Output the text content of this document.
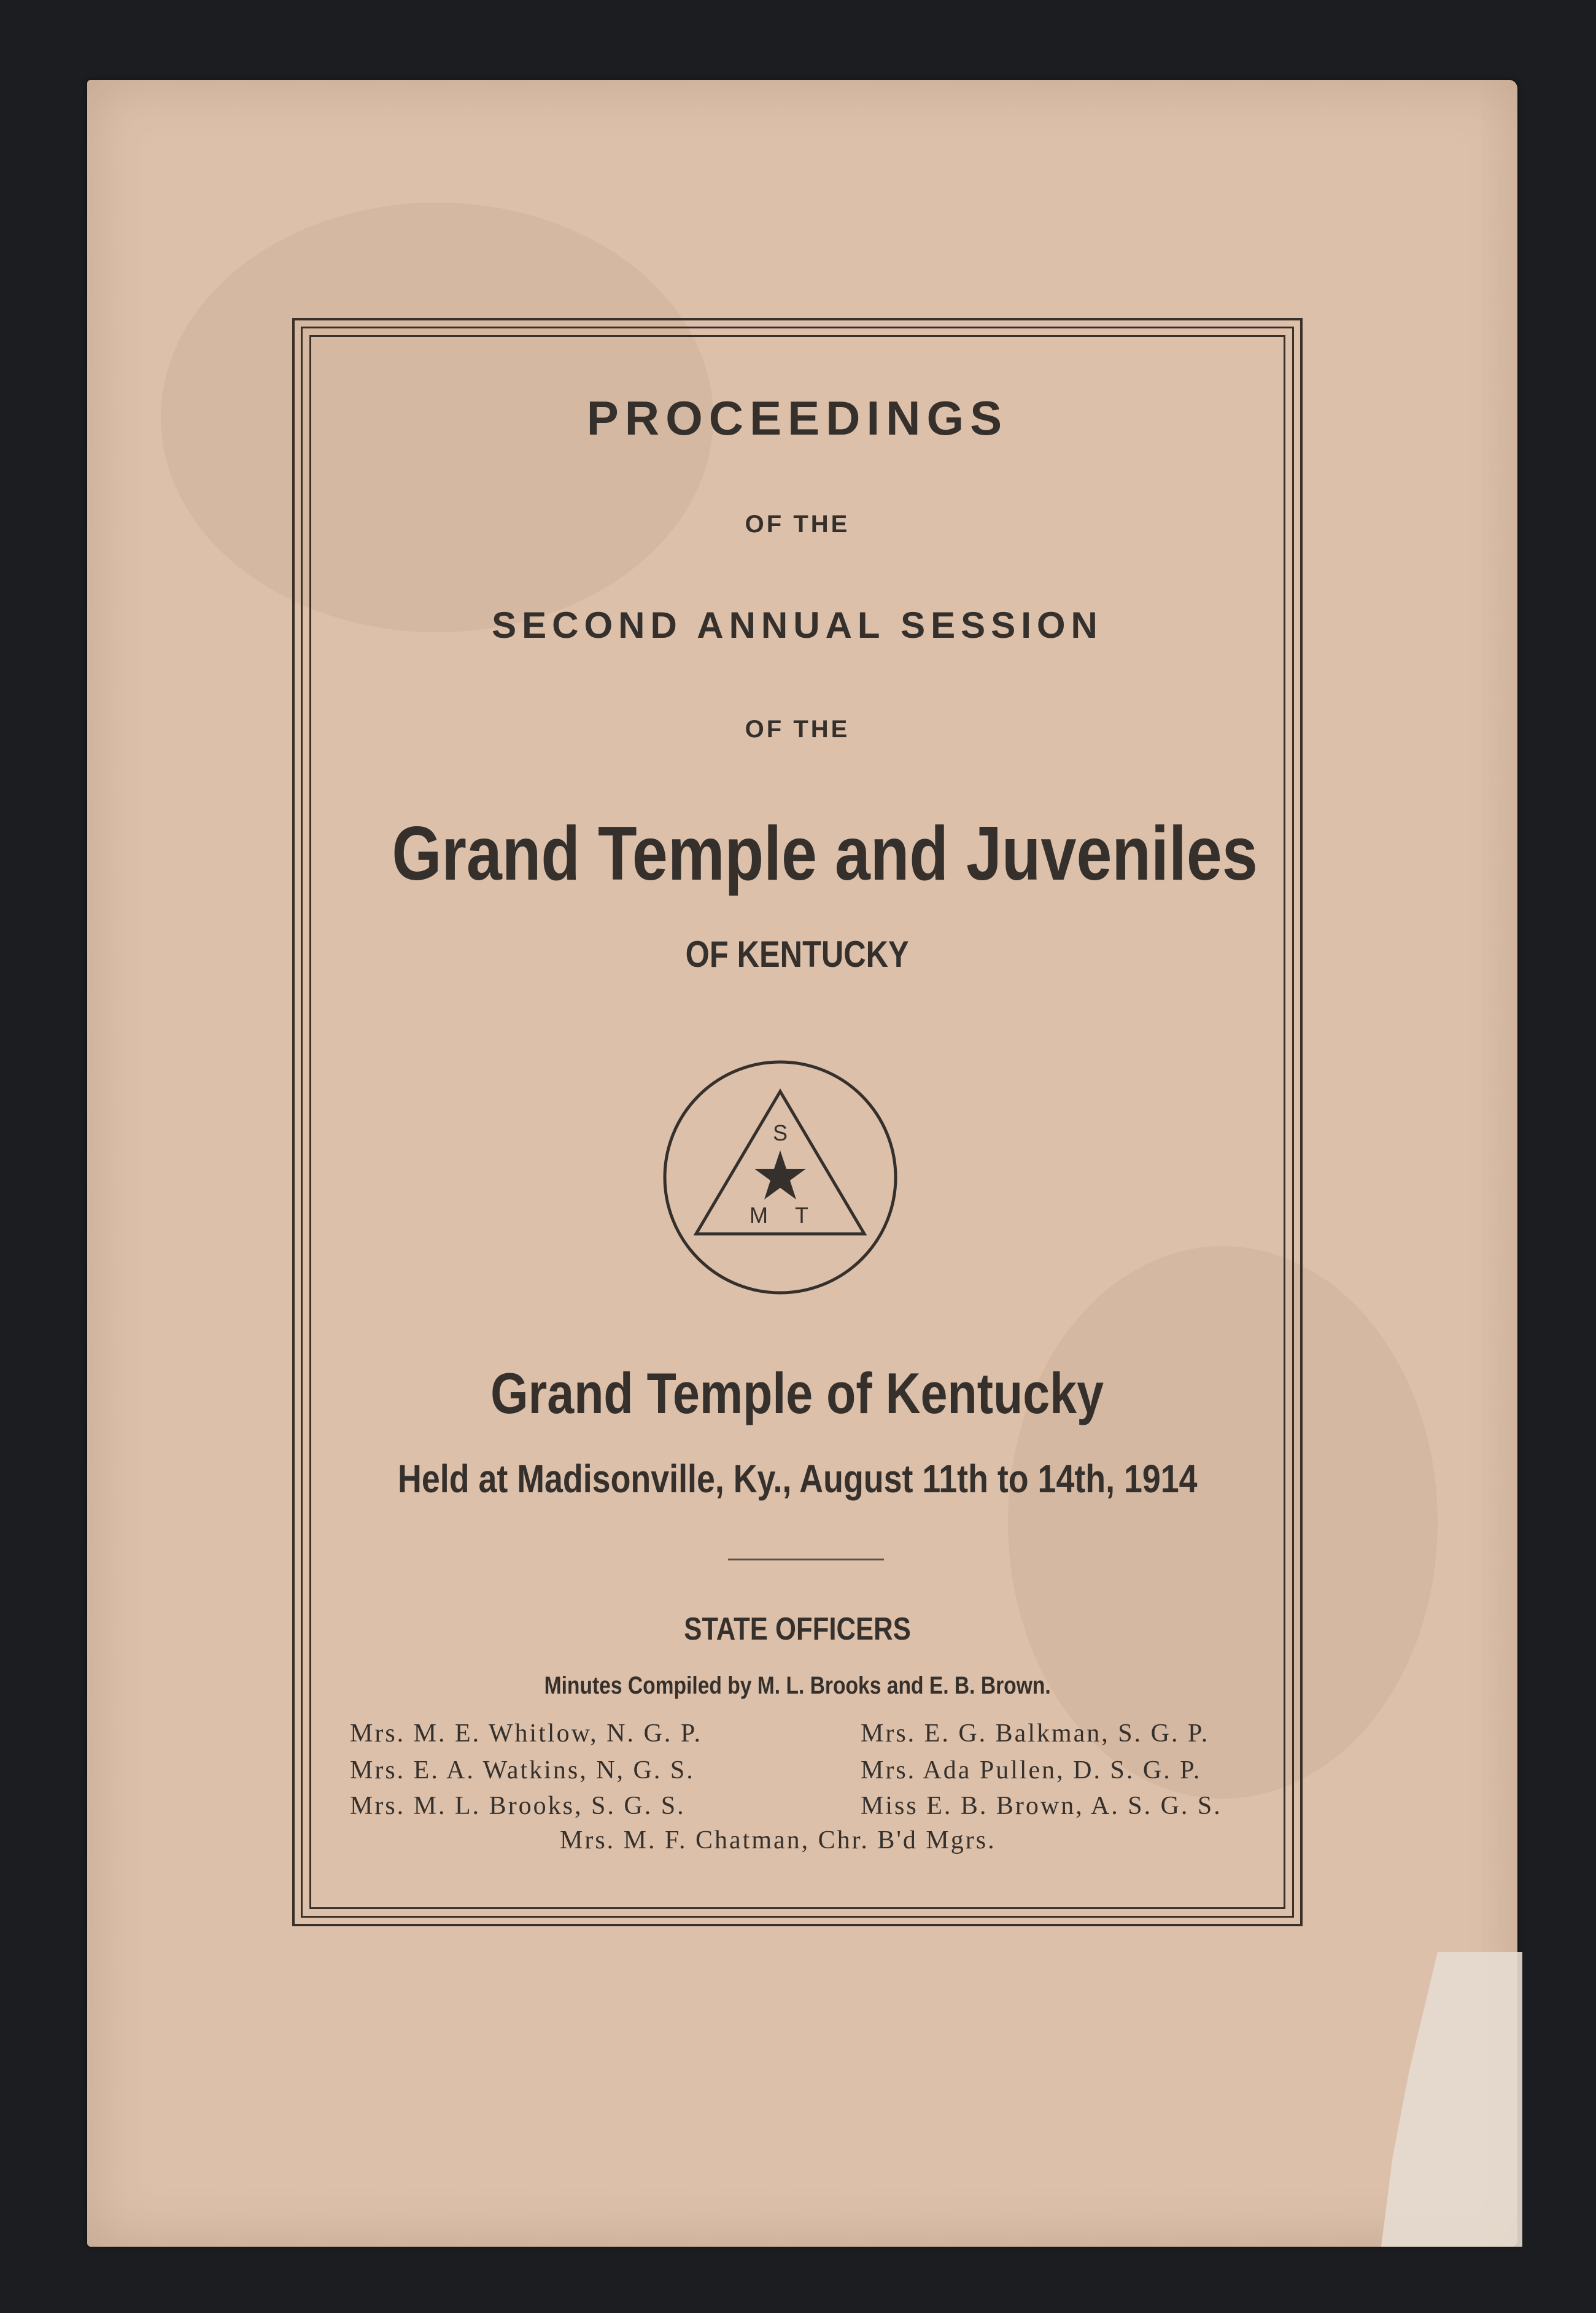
PROCEEDINGS
OF THE
SECOND ANNUAL SESSION
OF THE
Grand Temple and Juveniles
OF KENTUCKY
S
M T
Grand Temple of Kentucky
Held at Madisonville, Ky., August 11th to 14th, 1914
STATE OFFICERS
Minutes Compiled by M. L. Brooks and E. B. Brown.
Mrs. M. E. Whitlow, N. G. P.	Mrs. E. G. Balkman, S. G. P.
Mrs. E. A. Watkins, N, G. S.	Mrs. Ada Pullen, D. S. G. P.
Mrs. M. L. Brooks, S. G. S.	Miss E. B. Brown, A. S. G. S.
Mrs. M. F. Chatman, Chr. B'd Mgrs.
